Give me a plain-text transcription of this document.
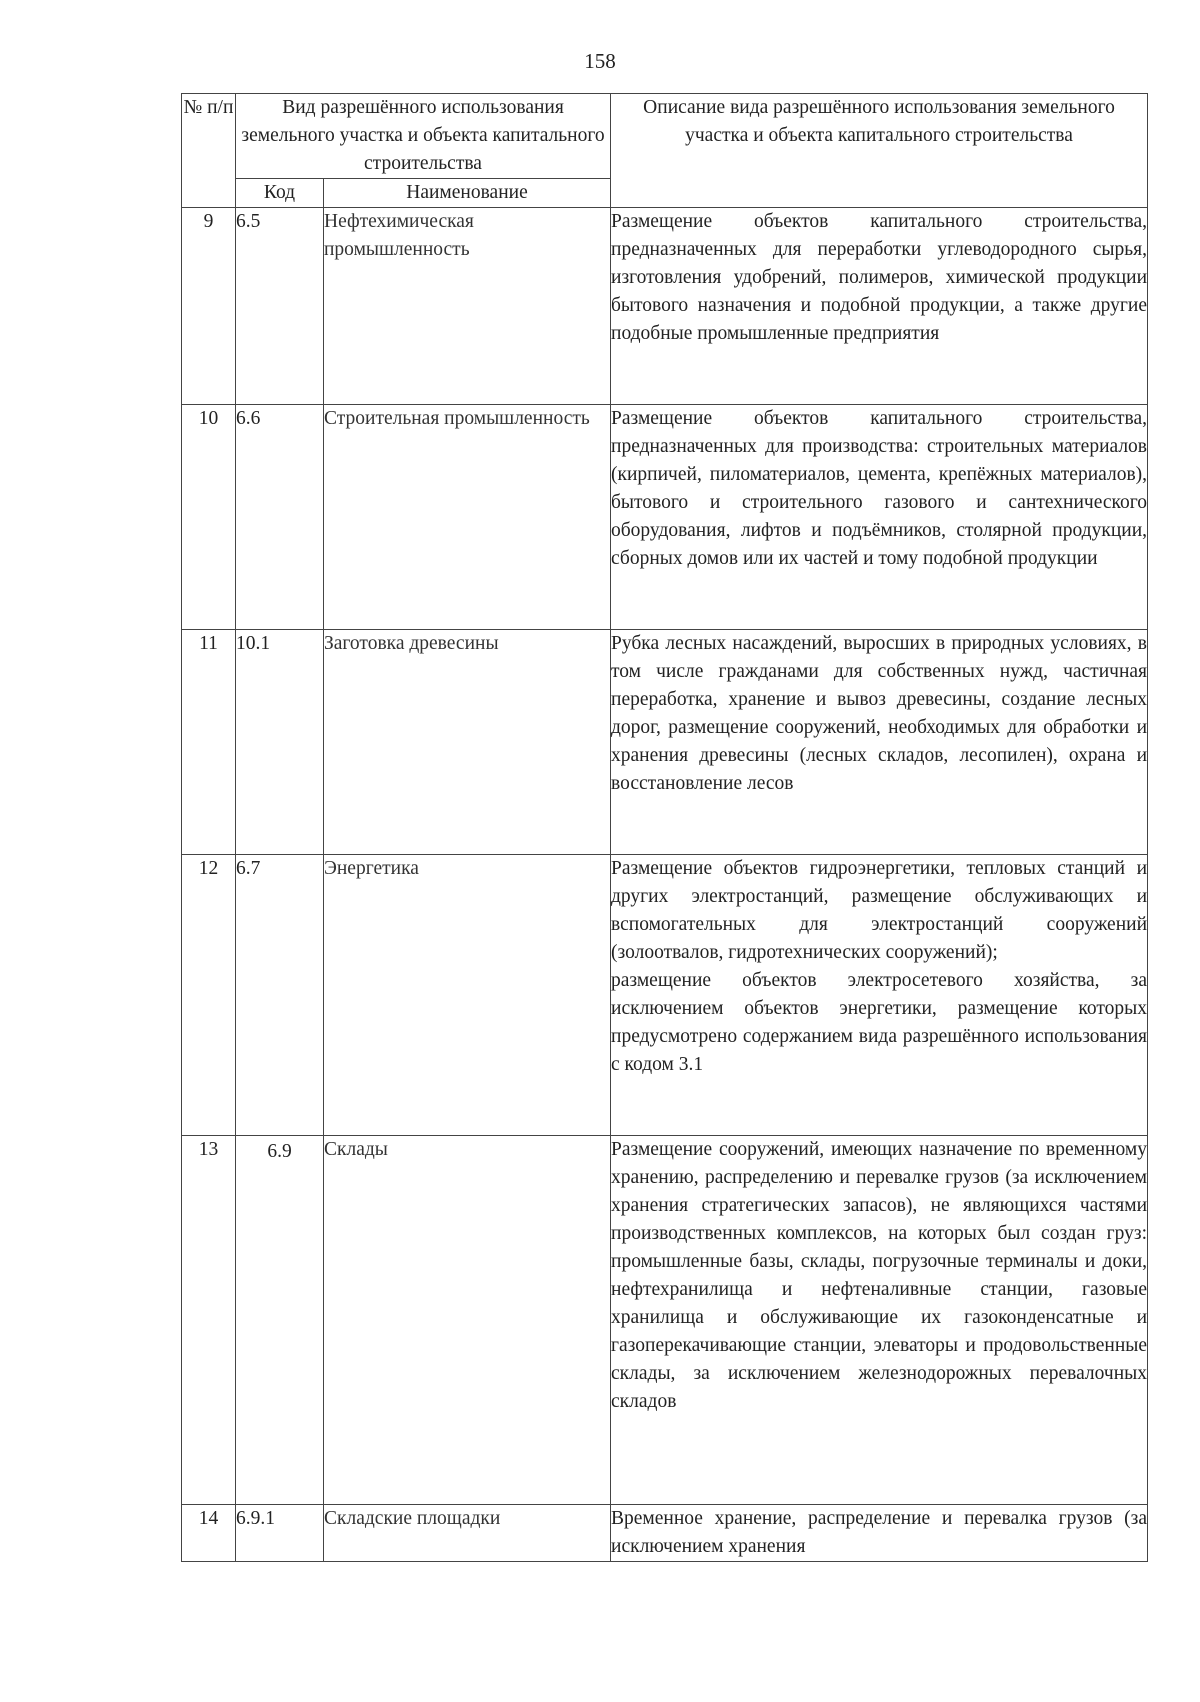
158
№ п/п	Вид разрешённого использования земельного участка и объекта капитального строительства		Описание вида разрешённого использования земельного участка и объекта капитального строительства
	Код	Наименование	
9	6.5	Нефтехимическая промышленность	Размещение объектов капитального строительства, предназначенных для переработки углеводородного сырья, изготовления удобрений, полимеров, химической продукции бытового назначения и подобной продукции, а также другие подобные промышленные предприятия
10	6.6	Строительная промышленность	Размещение объектов капитального строительства, предназначенных для производства: строительных материалов (кирпичей, пиломатериалов, цемента, крепёжных материалов), бытового и строительного газового и сантехнического оборудования, лифтов и подъёмников, столярной продукции, сборных домов или их частей и тому подобной продукции
11	10.1	Заготовка древесины	Рубка лесных насаждений, выросших в природных условиях, в том числе гражданами для собственных нужд, частичная переработка, хранение и вывоз древесины, создание лесных дорог, размещение сооружений, необходимых для обработки и хранения древесины (лесных складов, лесопилен), охрана и восстановление лесов
12	6.7	Энергетика	Размещение объектов гидроэнергетики, тепловых станций и других электростанций, размещение обслуживающих и вспомогательных для электростанций сооружений (золоотвалов, гидротехнических сооружений);
размещение объектов электросетевого хозяйства, за исключением объектов энергетики, размещение которых предусмотрено содержанием вида разрешённого использования с кодом 3.1

13	6.9	Склады	Размещение сооружений, имеющих назначение по временному хранению, распределению и перевалке грузов (за исключением хранения стратегических запасов), не являющихся частями производственных комплексов, на которых был создан груз: промышленные базы, склады, погрузочные терминалы и доки, нефтехранилища и нефтеналивные станции, газовые хранилища и обслуживающие их газоконденсатные и газоперекачивающие станции, элеваторы и продовольственные склады, за исключением железнодорожных перевалочных складов
14	6.9.1	Складские площадки	Временное хранение, распределение и перевалка грузов (за исключением хранения
